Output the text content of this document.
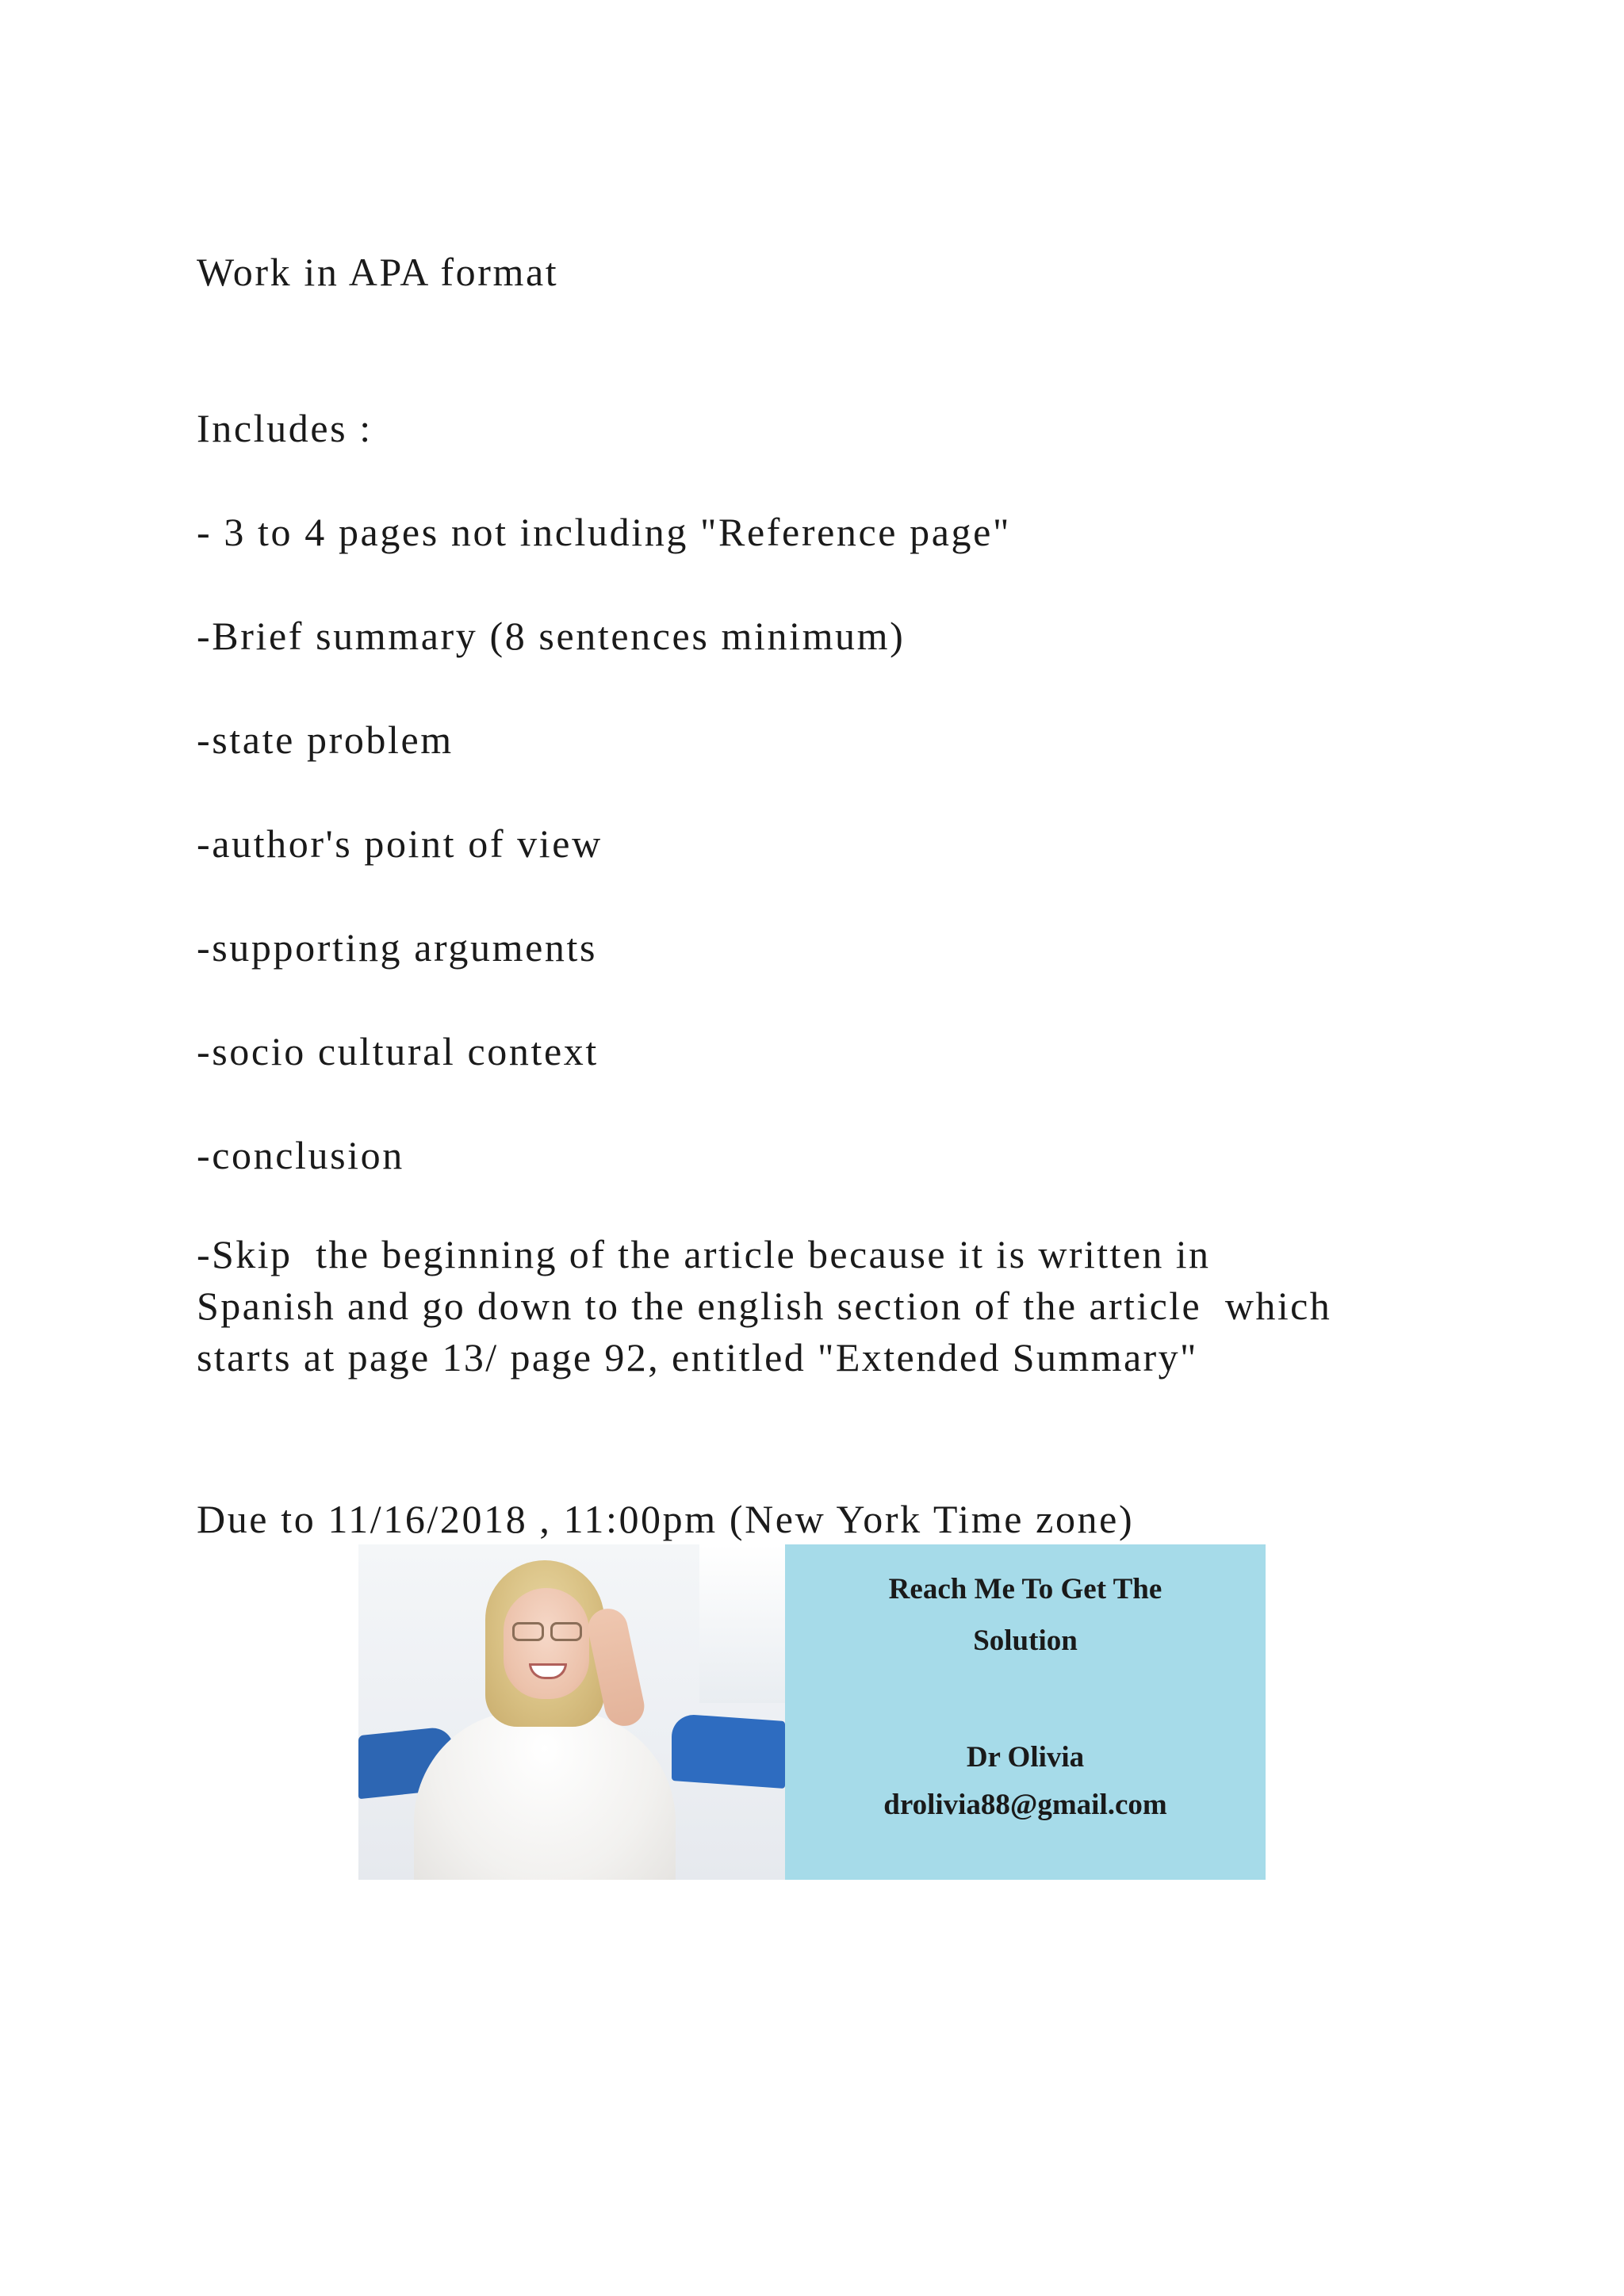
Work in APA format
Includes :
- 3 to 4 pages not including "Reference page"
-Brief summary (8 sentences minimum)
-state problem
-author's point of view
-supporting arguments
-socio cultural context
-conclusion
-Skip  the beginning of the article because it is written in
Spanish and go down to the english section of the article  which
starts at page 13/ page 92, entitled "Extended Summary"
Due to 11/16/2018 , 11:00pm (New York Time zone)
Reach Me To Get The
Solution
Dr Olivia
drolivia88@gmail.com
